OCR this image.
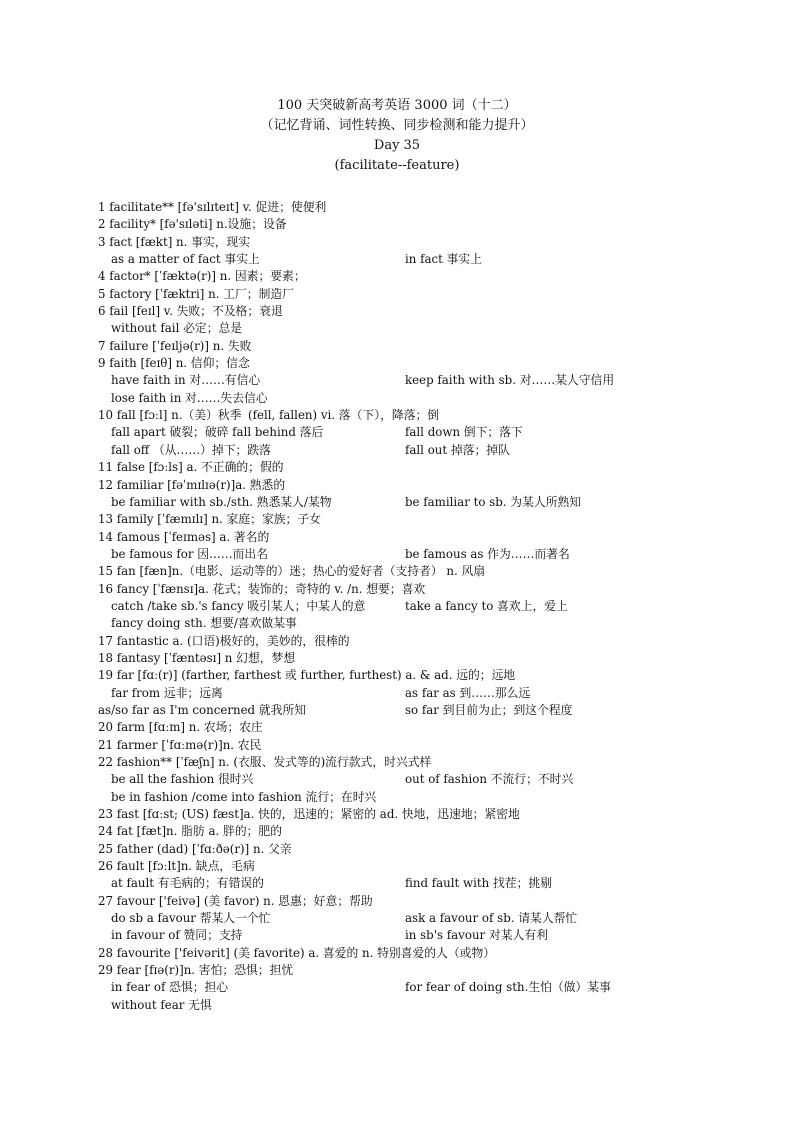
100 天突破新高考英语 3000 词（十二）
（记忆背诵、词性转换、同步检测和能力提升）
Day 35
(facilitate--feature)
1 facilitate** [fə'sɪlɪteɪt] v. 促进；使便利
2 facility* [fə'sɪləti] n.设施；设备
3 fact [fækt] n. 事实，现实
as a matter of fact 事实上	in fact 事实上
4 factor* [ˈfæktə(r)] n. 因素；要素；
5 factory [ˈfæktri] n. 工厂；制造厂
6 fail [feɪl] v. 失败；不及格；衰退
without fail 必定；总是
7 failure [ˈfeɪljə(r)] n. 失败
9 faith [feɪθ] n. 信仰；信念
have faith in 对……有信心	keep faith with sb. 对……某人守信用
lose faith in 对……失去信心
10 fall [fɔːl] n.（美）秋季 (fell, fallen) vi. 落（下），降落；倒
fall apart 破裂；破碎 fall behind 落后	fall down 倒下；落下
fall off （从……）掉下；跌落	fall out 掉落；掉队
11 false [fɔːls] a. 不正确的；假的
12 familiar [fəˈmɪlɪə(r)]a. 熟悉的
be familiar with sb./sth. 熟悉某人/某物	be familiar to sb. 为某人所熟知
13 family [ˈfæmɪlɪ] n. 家庭；家族；子女
14 famous [ˈfeɪməs] a. 著名的
be famous for 因……而出名	be famous as 作为……而著名
15 fan [fæn]n.（电影、运动等的）迷；热心的爱好者（支持者） n. 风扇
16 fancy [ˈfænsɪ]a. 花式；装饰的；奇特的 v. /n. 想要；喜欢
catch /take sb.'s fancy 吸引某人；中某人的意	take a fancy to 喜欢上，爱上
fancy doing sth. 想要/喜欢做某事
17 fantastic a. (口语)极好的，美妙的，很棒的
18 fantasy [ˈfæntəsɪ] n 幻想，梦想
19 far [fɑː(r)] (farther, farthest 或 further, furthest) a. & ad. 远的；远地
far from 远非；远离	as far as 到……那么远
as/so far as I'm concerned 就我所知	so far 到目前为止；到这个程度
20 farm [fɑːm] n. 农场；农庄
21 farmer [ˈfɑːmə(r)]n. 农民
22 fashion** [ˈfæʃn] n. (衣服、发式等的)流行款式，时兴式样
be all the fashion 很时兴	out of fashion 不流行；不时兴
be in fashion /come into fashion 流行；在时兴
23 fast [fɑːst; (US) fæst]a. 快的，迅速的；紧密的 ad. 快地，迅速地；紧密地
24 fat [fæt]n. 脂肪 a. 胖的；肥的
25 father (dad) [ˈfɑːðə(r)] n. 父亲
26 fault [fɔːlt]n. 缺点，毛病
at fault 有毛病的；有错误的	find fault with 找茬；挑剔
27 favour ['feivə] (美 favor) n. 恩惠；好意；帮助
do sb a favour 帮某人一个忙	ask a favour of sb. 请某人帮忙
in favour of 赞同；支持	in sb's favour 对某人有利
28 favourite ['feivərit] (美 favorite) a. 喜爱的 n. 特别喜爱的人（或物）
29 fear [fɪə(r)]n. 害怕；恐惧；担忧
in fear of 恐惧；担心	for fear of doing sth.生怕（做）某事
without fear 无惧
